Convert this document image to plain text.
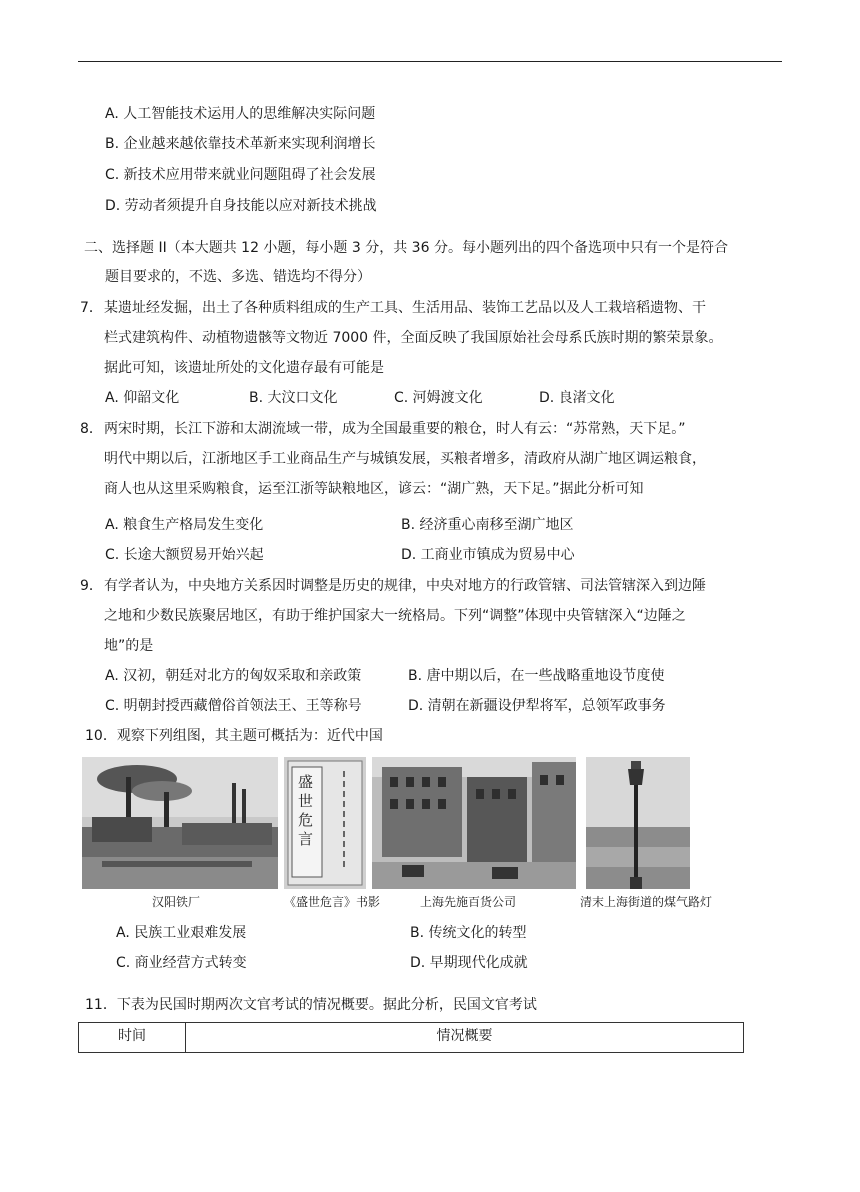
A. 人工智能技术运用人的思维解决实际问题
B. 企业越来越依靠技术革新来实现利润增长
C. 新技术应用带来就业问题阻碍了社会发展
D. 劳动者须提升自身技能以应对新技术挑战
二、选择题 II（本大题共 12 小题，每小题 3 分，共 36 分。每小题列出的四个备选项中只有一个是符合
题目要求的，不选、多选、错选均不得分）
7． 某遗址经发掘，出土了各种质料组成的生产工具、生活用品、装饰工艺品以及人工栽培稻遗物、干
栏式建筑构件、动植物遗骸等文物近 7000 件，全面反映了我国原始社会母系氏族时期的繁荣景象。
据此可知，该遗址所处的文化遗存最有可能是
A. 仰韶文化	B. 大汶口文化	C. 河姆渡文化	D. 良渚文化
8． 两宋时期，长江下游和太湖流域一带，成为全国最重要的粮仓，时人有云：“苏常熟，天下足。”
明代中期以后，江浙地区手工业商品生产与城镇发展，买粮者增多，清政府从湖广地区调运粮食，
商人也从这里采购粮食，运至江浙等缺粮地区，谚云：“湖广熟，天下足。”据此分析可知
A. 粮食生产格局发生变化	B. 经济重心南移至湖广地区
C. 长途大额贸易开始兴起	D. 工商业市镇成为贸易中心
9． 有学者认为，中央地方关系因时调整是历史的规律，中央对地方的行政管辖、司法管辖深入到边陲
之地和少数民族聚居地区，有助于维护国家大一统格局。下列“调整”体现中央管辖深入“边陲之
地”的是
A. 汉初，朝廷对北方的匈奴采取和亲政策	B. 唐中期以后，在一些战略重地设节度使
C. 明朝封授西藏僧俗首领法王、王等称号	D. 清朝在新疆设伊犁将军，总领军政事务
10．观察下列组图，其主题可概括为：近代中国
盛世危言
汉阳铁厂	《盛世危言》书影	上海先施百货公司	清末上海街道的煤气路灯
A. 民族工业艰难发展	B. 传统文化的转型
C. 商业经营方式转变	D. 早期现代化成就
11．下表为民国时期两次文官考试的情况概要。据此分析，民国文官考试
时间	情况概要
